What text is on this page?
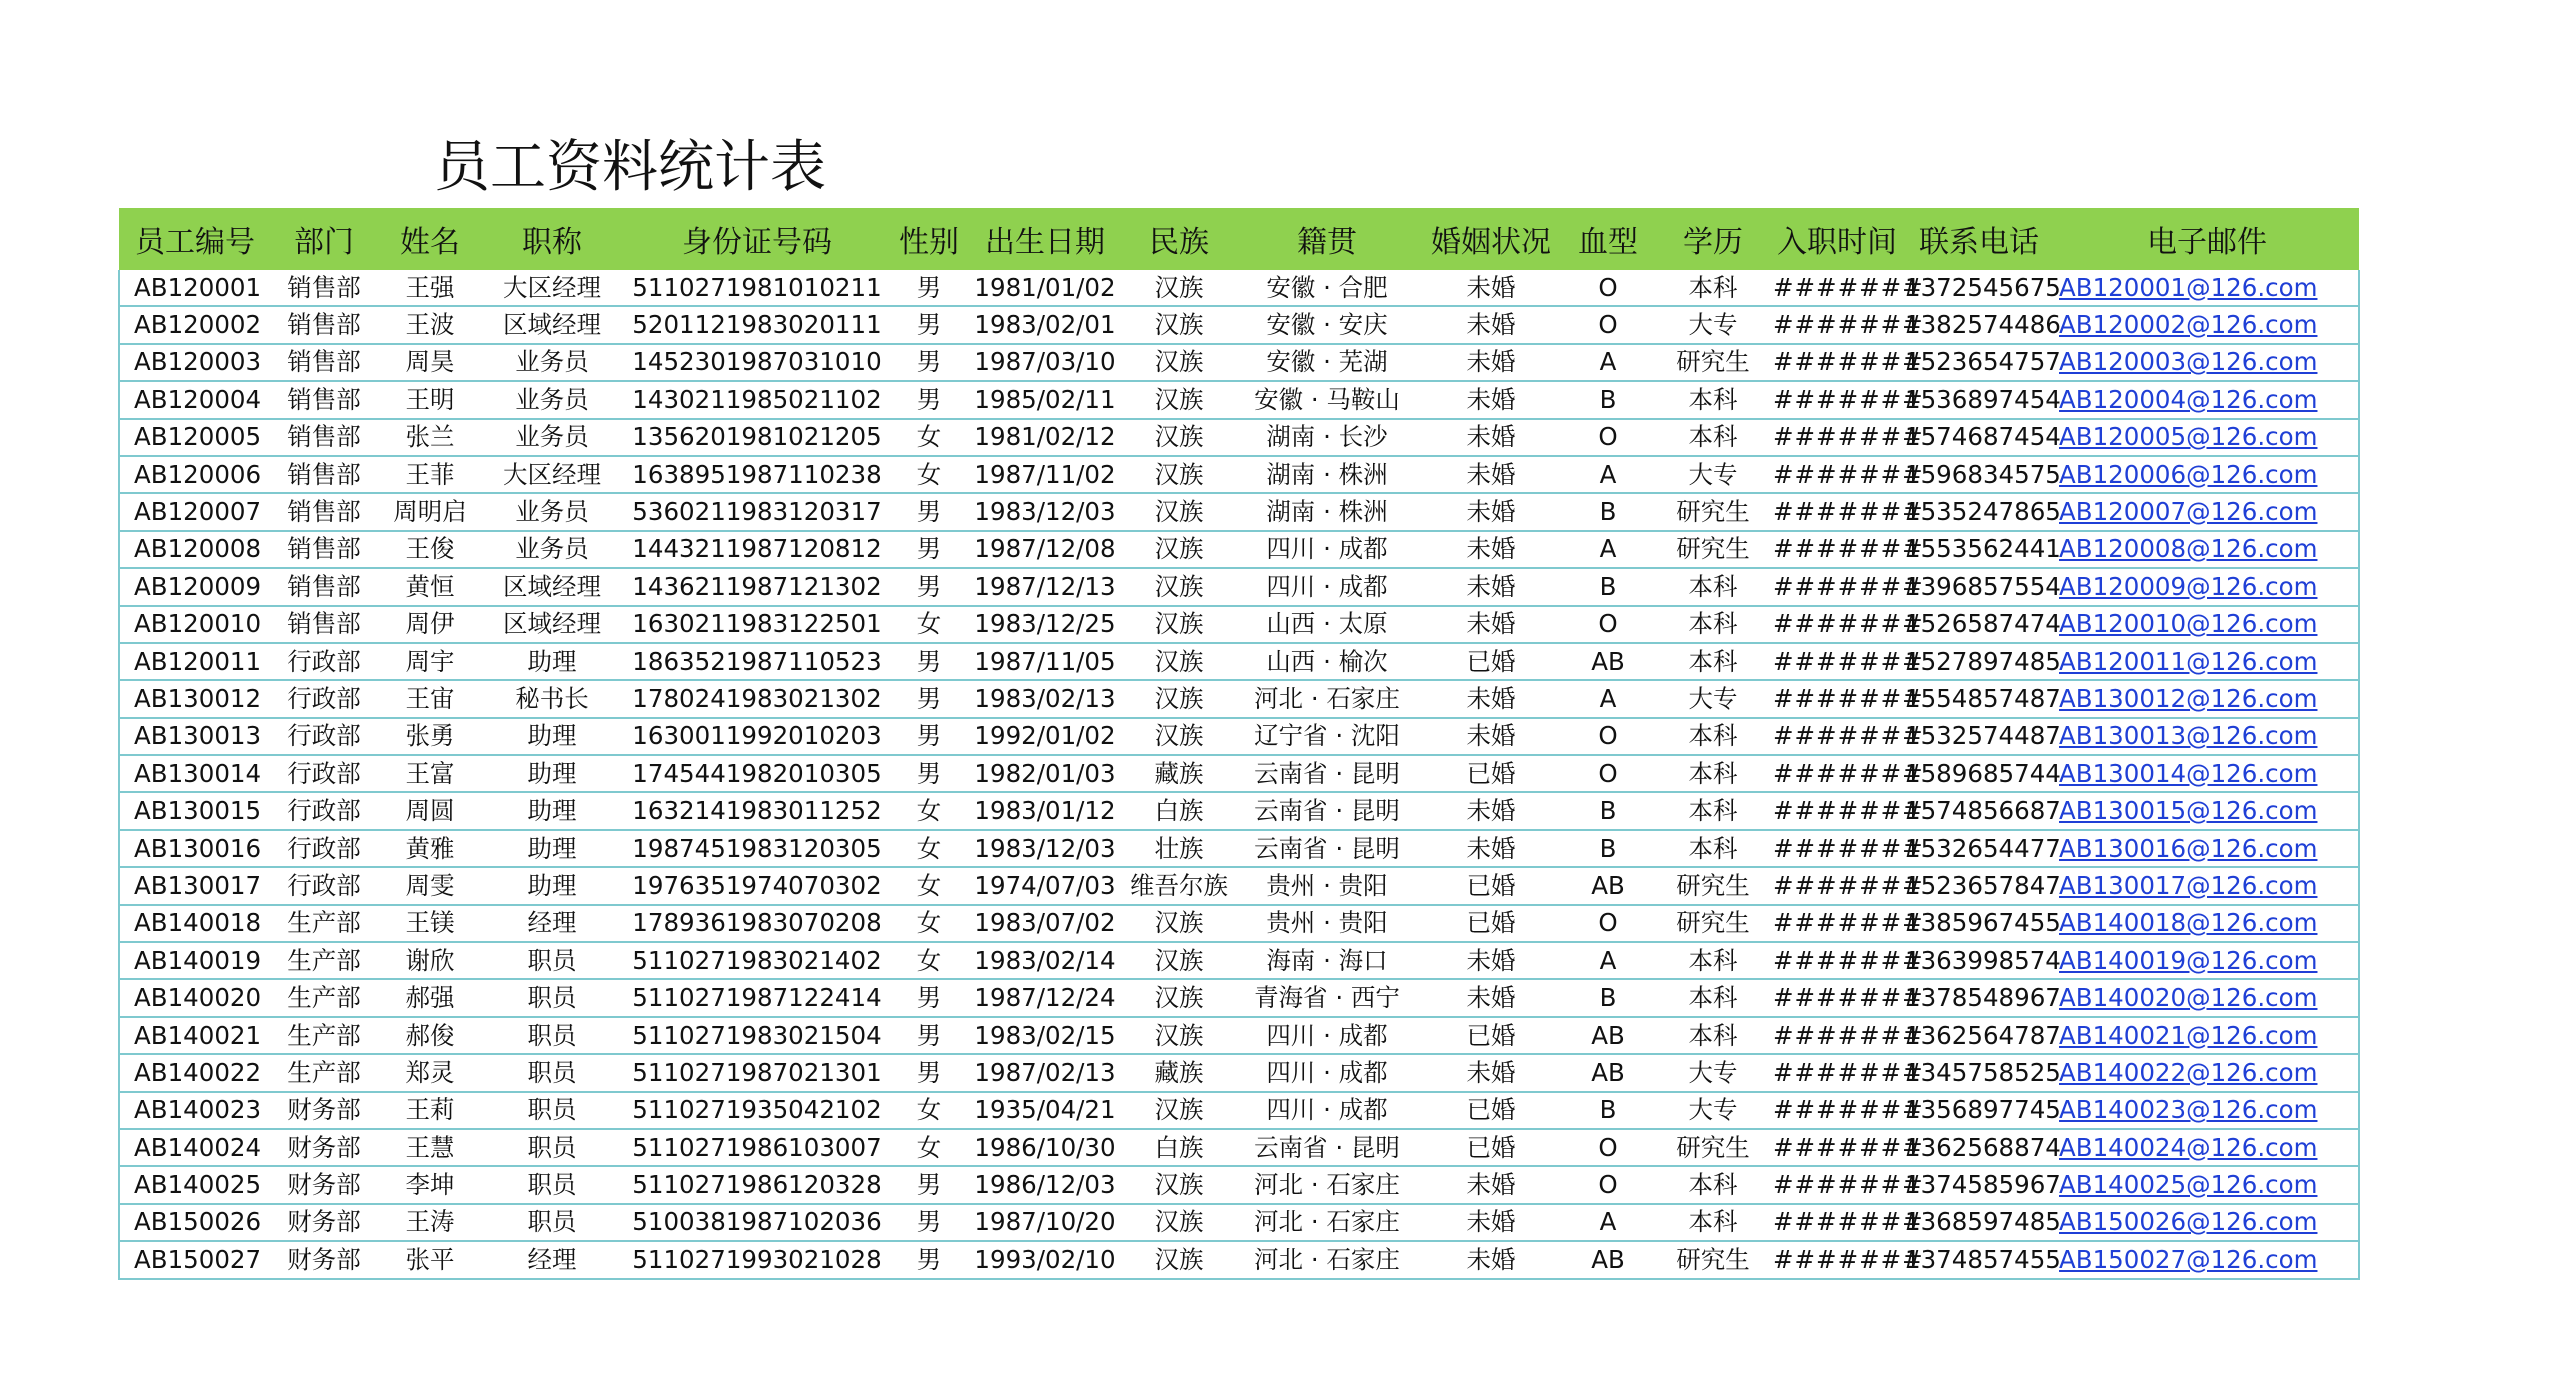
员工资料统计表
员工编号	部门	姓名	职称	身份证号码	性别	出生日期	民族	籍贯	婚姻状况	血型	学历	入职时间	联系电话	电子邮件
AB120001	销售部	王强	大区经理	511027198101021​1	男	1981/01/02	汉族	安徽 · 合肥	未婚	O	本科	#######	1372545675	AB120001@126.com
AB120002	销售部	王波	区域经理	520112198302011​1	男	1983/02/01	汉族	安徽 · 安庆	未婚	O	大专	#######	1382574486	AB120002@126.com
AB120003	销售部	周昊	业务员	1452301987031010	男	1987/03/10	汉族	安徽 · 芜湖	未婚	A	研究生	#######	1523654757	AB120003@126.com
AB120004	销售部	王明	业务员	1430211985021102	男	1985/02/11	汉族	安徽 · 马鞍山	未婚	B	本科	#######	1536897454	AB120004@126.com
AB120005	销售部	张兰	业务员	1356201981021205	女	1981/02/12	汉族	湖南 · 长沙	未婚	O	本科	#######	1574687454	AB120005@126.com
AB120006	销售部	王菲	大区经理	1638951987110238	女	1987/11/02	汉族	湖南 · 株洲	未婚	A	大专	#######	1596834575	AB120006@126.com
AB120007	销售部	周明启	业务员	5360211983120317	男	1983/12/03	汉族	湖南 · 株洲	未婚	B	研究生	#######	1535247865	AB120007@126.com
AB120008	销售部	王俊	业务员	1443211987120812	男	1987/12/08	汉族	四川 · 成都	未婚	A	研究生	#######	1553562441	AB120008@126.com
AB120009	销售部	黄恒	区域经理	1436211987121302	男	1987/12/13	汉族	四川 · 成都	未婚	B	本科	#######	1396857554	AB120009@126.com
AB120010	销售部	周伊	区域经理	1630211983122501	女	1983/12/25	汉族	山西 · 太原	未婚	O	本科	#######	1526587474	AB120010@126.com
AB120011	行政部	周宇	助理	1863521987110523	男	1987/11/05	汉族	山西 · 榆次	已婚	AB	本科	#######	1527897485	AB120011@126.com
AB130012	行政部	王宙	秘书长	1780241983021302	男	1983/02/13	汉族	河北 · 石家庄	未婚	A	大专	#######	1554857487	AB130012@126.com
AB130013	行政部	张勇	助理	1630011992010203	男	1992/01/02	汉族	辽宁省 · 沈阳	未婚	O	本科	#######	1532574487	AB130013@126.com
AB130014	行政部	王富	助理	1745441982010305	男	1982/01/03	藏族	云南省 · 昆明	已婚	O	本科	#######	1589685744	AB130014@126.com
AB130015	行政部	周圆	助理	1632141983011252	女	1983/01/12	白族	云南省 · 昆明	未婚	B	本科	#######	1574856687	AB130015@126.com
AB130016	行政部	黄雅	助理	1987451983120305	女	1983/12/03	壮族	云南省 · 昆明	未婚	B	本科	#######	1532654477	AB130016@126.com
AB130017	行政部	周雯	助理	1976351974070302	女	1974/07/03	维吾尔族	贵州 · 贵阳	已婚	AB	研究生	#######	1523657847	AB130017@126.com
AB140018	生产部	王镁	经理	1789361983070208	女	1983/07/02	汉族	贵州 · 贵阳	已婚	O	研究生	#######	1385967455	AB140018@126.com
AB140019	生产部	谢欣	职员	5110271983021402	女	1983/02/14	汉族	海南 · 海口	未婚	A	本科	#######	1363998574	AB140019@126.com
AB140020	生产部	郝强	职员	5110271987122414	男	1987/12/24	汉族	青海省 · 西宁	未婚	B	本科	#######	1378548967	AB140020@126.com
AB140021	生产部	郝俊	职员	5110271983021504	男	1983/02/15	汉族	四川 · 成都	已婚	AB	本科	#######	1362564787	AB140021@126.com
AB140022	生产部	郑灵	职员	5110271987021301	男	1987/02/13	藏族	四川 · 成都	未婚	AB	大专	#######	1345758525	AB140022@126.com
AB140023	财务部	王莉	职员	5110271935042102	女	1935/04/21	汉族	四川 · 成都	已婚	B	大专	#######	1356897745	AB140023@126.com
AB140024	财务部	王慧	职员	5110271986103007	女	1986/10/30	白族	云南省 · 昆明	已婚	O	研究生	#######	1362568874	AB140024@126.com
AB140025	财务部	李坤	职员	5110271986120328	男	1986/12/03	汉族	河北 · 石家庄	未婚	O	本科	#######	1374585967	AB140025@126.com
AB150026	财务部	王涛	职员	5100381987102036	男	1987/10/20	汉族	河北 · 石家庄	未婚	A	本科	#######	1368597485	AB150026@126.com
AB150027	财务部	张平	经理	5110271993021028	男	1993/02/10	汉族	河北 · 石家庄	未婚	AB	研究生	#######	1374857455	AB150027@126.com
